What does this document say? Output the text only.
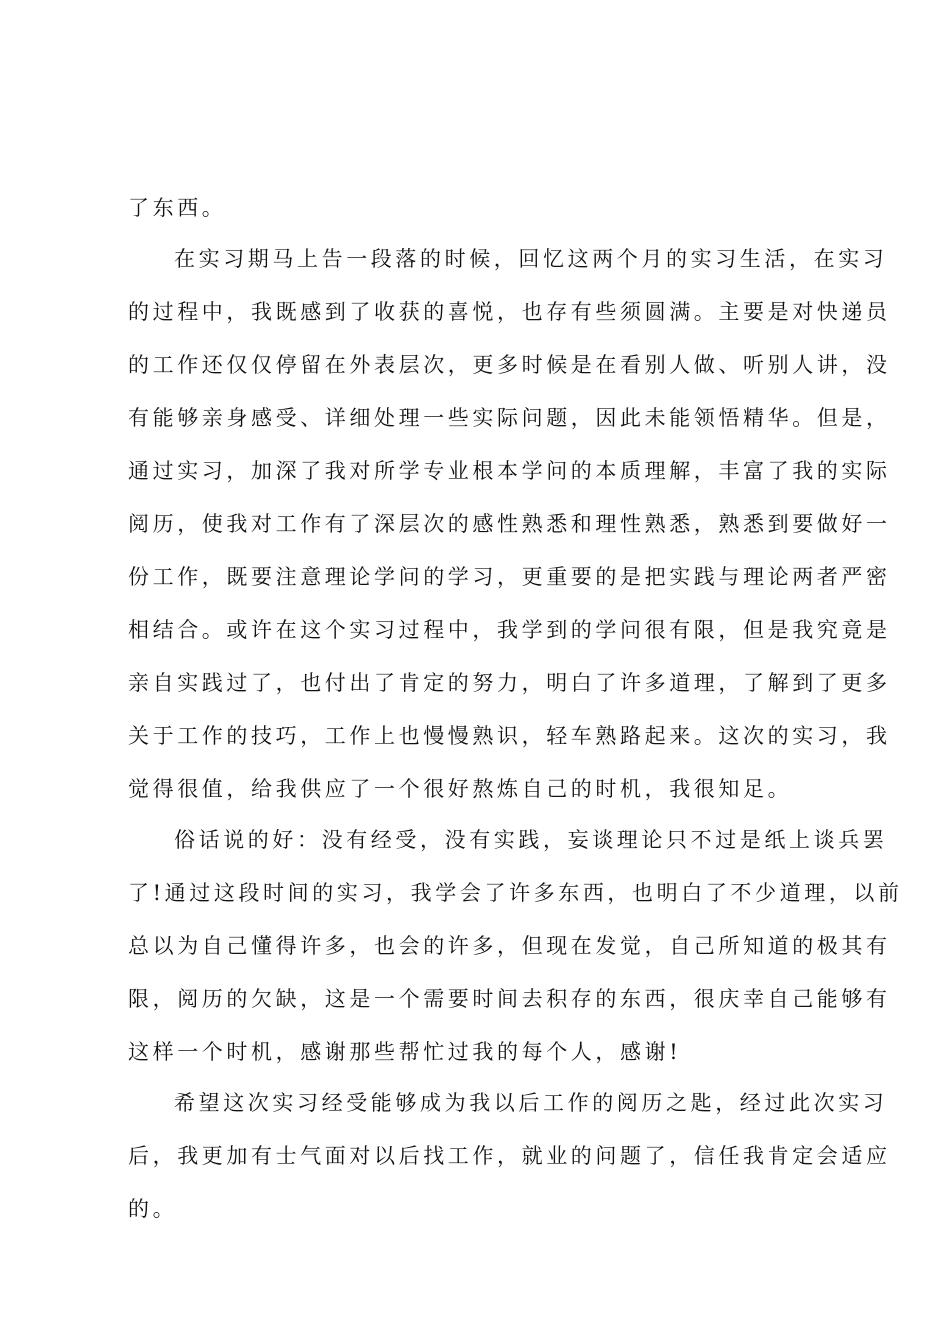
了东西。
在实习期马上告一段落的时候，回忆这两个月的实习生活，在实习
的过程中，我既感到了收获的喜悦，也存有些须圆满。主要是对快递员
的工作还仅仅停留在外表层次，更多时候是在看别人做、听别人讲，没
有能够亲身感受、详细处理一些实际问题，因此未能领悟精华。但是，
通过实习，加深了我对所学专业根本学问的本质理解，丰富了我的实际
阅历，使我对工作有了深层次的感性熟悉和理性熟悉，熟悉到要做好一
份工作，既要注意理论学问的学习，更重要的是把实践与理论两者严密
相结合。或许在这个实习过程中，我学到的学问很有限，但是我究竟是
亲自实践过了，也付出了肯定的努力，明白了许多道理，了解到了更多
关于工作的技巧，工作上也慢慢熟识，轻车熟路起来。这次的实习，我
觉得很值，给我供应了一个很好熬炼自己的时机，我很知足。
俗话说的好：没有经受，没有实践，妄谈理论只不过是纸上谈兵罢
了!通过这段时间的实习，我学会了许多东西，也明白了不少道理，以前
总以为自己懂得许多，也会的许多，但现在发觉，自己所知道的极其有
限，阅历的欠缺，这是一个需要时间去积存的东西，很庆幸自己能够有
这样一个时机，感谢那些帮忙过我的每个人，感谢!
希望这次实习经受能够成为我以后工作的阅历之匙，经过此次实习
后，我更加有士气面对以后找工作，就业的问题了，信任我肯定会适应
的。
